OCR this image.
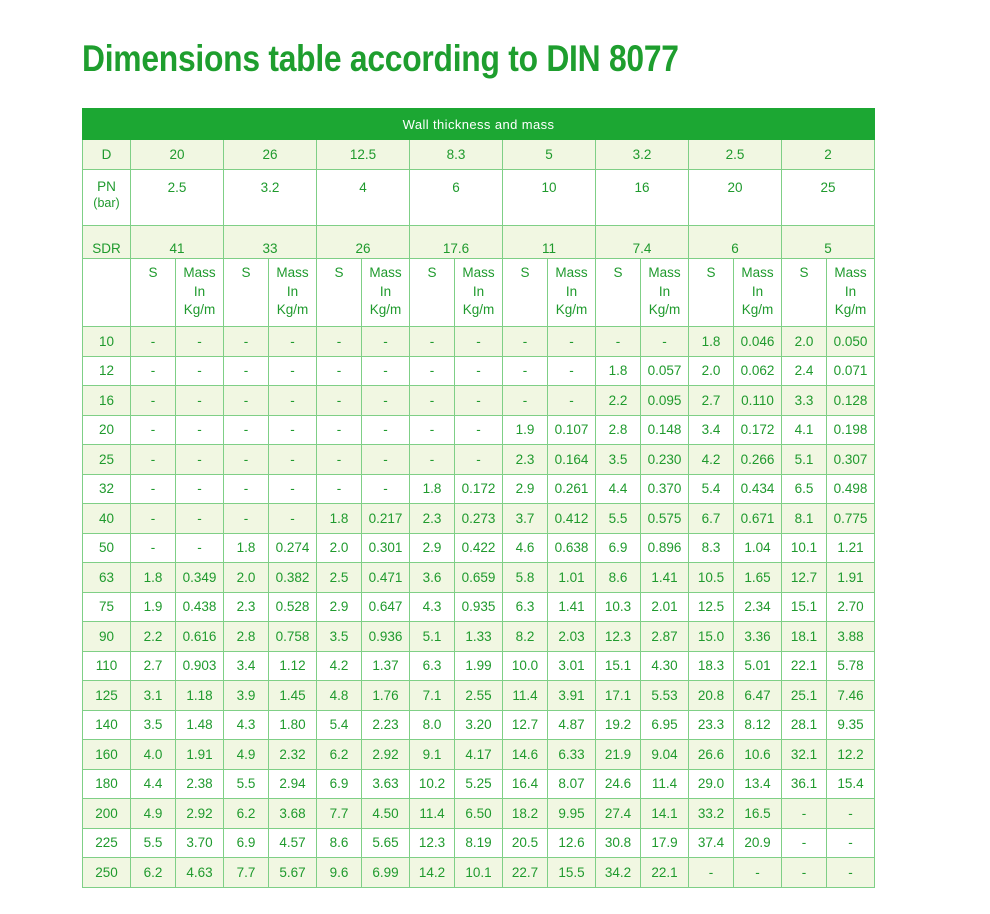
Dimensions table according to DIN 8077
Wall thickness and mass																
D	20		26		12.5		8.3		5		3.2		2.5		2	
PN
(bar)	2.5		3.2		4		6		10		16		20		25	
SDR	41		33		26		17.6		11		7.4		6		5	
	S	Mass
In
Kg/m	S	Mass
In
Kg/m	S	Mass
In
Kg/m	S	Mass
In
Kg/m	S	Mass
In
Kg/m	S	Mass
In
Kg/m	S	Mass
In
Kg/m	S	Mass
In
Kg/m
10	-	-	-	-	-	-	-	-	-	-	-	-	1.8	0.046	2.0	0.050
12	-	-	-	-	-	-	-	-	-	-	1.8	0.057	2.0	0.062	2.4	0.071
16	-	-	-	-	-	-	-	-	-	-	2.2	0.095	2.7	0.110	3.3	0.128
20	-	-	-	-	-	-	-	-	1.9	0.107	2.8	0.148	3.4	0.172	4.1	0.198
25	-	-	-	-	-	-	-	-	2.3	0.164	3.5	0.230	4.2	0.266	5.1	0.307
32	-	-	-	-	-	-	1.8	0.172	2.9	0.261	4.4	0.370	5.4	0.434	6.5	0.498
40	-	-	-	-	1.8	0.217	2.3	0.273	3.7	0.412	5.5	0.575	6.7	0.671	8.1	0.775
50	-	-	1.8	0.274	2.0	0.301	2.9	0.422	4.6	0.638	6.9	0.896	8.3	1.04	10.1	1.21
63	1.8	0.349	2.0	0.382	2.5	0.471	3.6	0.659	5.8	1.01	8.6	1.41	10.5	1.65	12.7	1.91
75	1.9	0.438	2.3	0.528	2.9	0.647	4.3	0.935	6.3	1.41	10.3	2.01	12.5	2.34	15.1	2.70
90	2.2	0.616	2.8	0.758	3.5	0.936	5.1	1.33	8.2	2.03	12.3	2.87	15.0	3.36	18.1	3.88
110	2.7	0.903	3.4	1.12	4.2	1.37	6.3	1.99	10.0	3.01	15.1	4.30	18.3	5.01	22.1	5.78
125	3.1	1.18	3.9	1.45	4.8	1.76	7.1	2.55	11.4	3.91	17.1	5.53	20.8	6.47	25.1	7.46
140	3.5	1.48	4.3	1.80	5.4	2.23	8.0	3.20	12.7	4.87	19.2	6.95	23.3	8.12	28.1	9.35
160	4.0	1.91	4.9	2.32	6.2	2.92	9.1	4.17	14.6	6.33	21.9	9.04	26.6	10.6	32.1	12.2
180	4.4	2.38	5.5	2.94	6.9	3.63	10.2	5.25	16.4	8.07	24.6	11.4	29.0	13.4	36.1	15.4
200	4.9	2.92	6.2	3.68	7.7	4.50	11.4	6.50	18.2	9.95	27.4	14.1	33.2	16.5	-	-
225	5.5	3.70	6.9	4.57	8.6	5.65	12.3	8.19	20.5	12.6	30.8	17.9	37.4	20.9	-	-
250	6.2	4.63	7.7	5.67	9.6	6.99	14.2	10.1	22.7	15.5	34.2	22.1	-	-	-	-
